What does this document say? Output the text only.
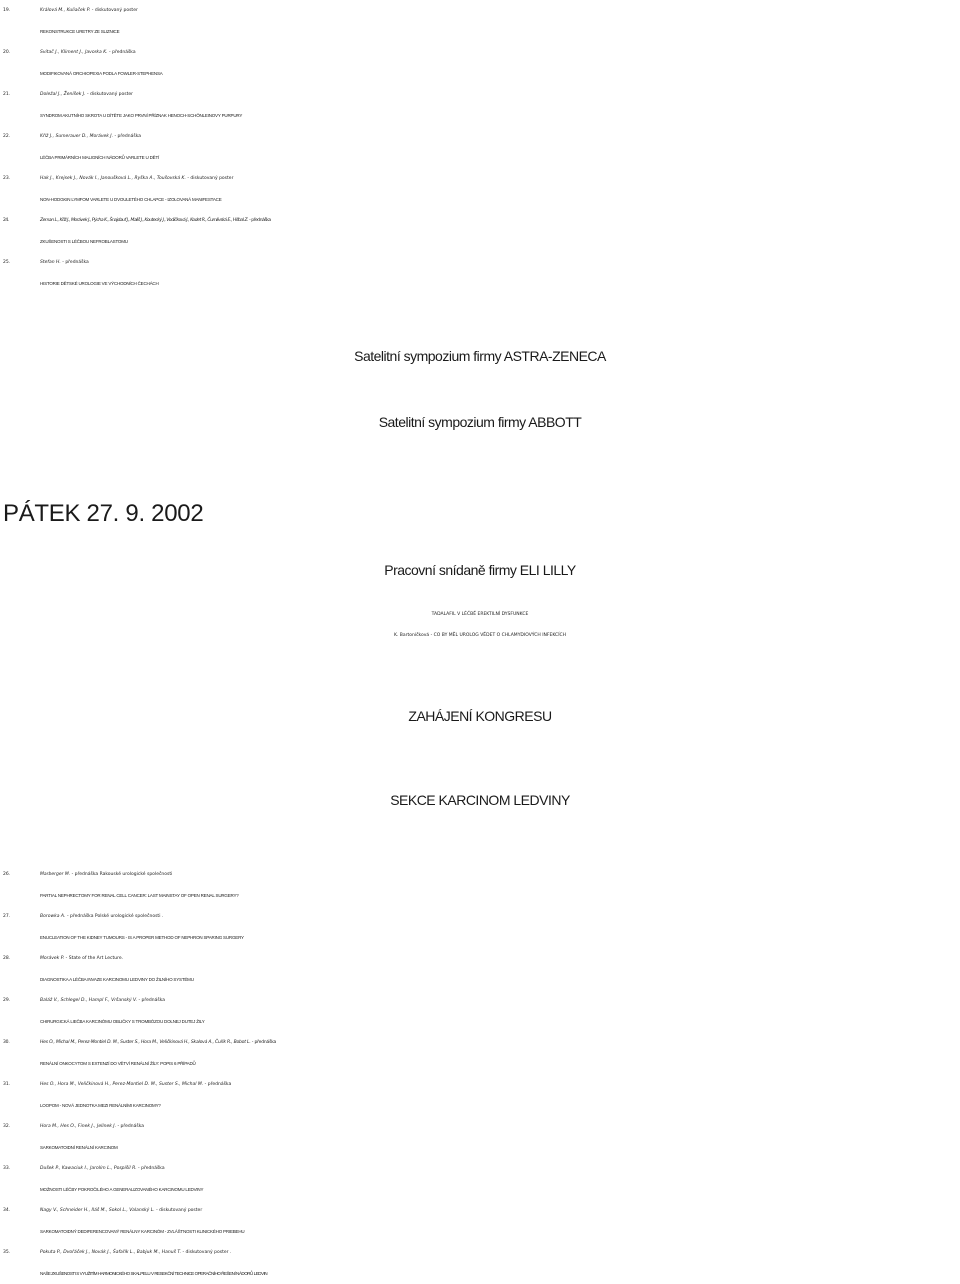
19.	Králová M., Kuliaček P. - diskutovaný poster
REKONSTRUKCE URETRY ZE SLIZNICE
20.	Svitač J., Kliment J., Javorka K. - přednáška
MODIFIKOVANÁ ORCHIOPEXIA PODLA FOWLER-STEPHENSA
21.	Doležal J., Ženíšek J. - diskutovaný poster
SYNDROM AKUTNÍHO SKROTA U DÍTĚTE JAKO PRVNÍ PŘÍZNAK HENOCH-SCHÖNLEINOVY PURPURY
22.	Kříž J., Sumerauer D., Morávek J. - přednáška
LÉČBA PRIMÁRNÍCH MALIGNÍCH NÁDORŮ VARLETE U DĚTÍ
23.	Hak J., Krejsek J., Novák I., Janoušková L., Ryška A., Toušovská K. - diskutovaný poster
NON-HODGKIN LYMFOM VARLETE U DVOULETÉHO CHLAPCE - IZOLOVANÁ MANIFESTACE
24.	Zeman L., Kříž J., Morávek J., Pýcha K., Šnajdauf J., Mališ J., Koutecký J., Vodičková J., Kodet R., Čumlivská E., Hříbal Z. - přednáška
ZKUŠENOSTI S LÉČBOU NEFROBLASTOMU
25.	Stefan H. - přednáška
HISTORIE DĚTSKÉ UROLOGIE VE VÝCHODNÍCH ČECHÁCH
Satelitní sympozium firmy ASTRA-ZENECA
Satelitní sympozium firmy ABBOTT
PÁTEK 27. 9. 2002
Pracovní snídaně firmy ELI LILLY
TADALAFIL V LÉČBĚ EREKTILNÍ DYSFUNKCE
K. Bartoníčková - CO BY MĚL UROLOG VĚDET O CHLAMYDIOVÝCH INFEKCÍCH
ZAHÁJENÍ KONGRESU
SEKCE KARCINOM LEDVINY
26.	Marberger M. - přednáška Rakouské urologické společnosti
PARTIAL NEPHRECTOMY FOR RENAL CELL CANCER: LAST MAINSTAY OF OPEN RENAL SURGERY?
27.	Borowka A. - přednáška Polské urologické společnosti .
ENUCLEATION OF THE KIDNEY TUMOURS - IS A PROPER METHOD OF NEPHRON SPARING SURGERY
28.	Morávek P. - State of the Art Lecture.
DIAGNOSTIKA A LÉČBA INVAZE KARCINOMU LEDVINY DO ŽILNÍHO SYSTÉMU
29.	Baláž V., Schlegel D., Hampl F., Vršanský V. - přednáška
CHIRURGICKÁ LIEČBA KARCINÓMU OBLIČKY S TROMBÓZOU DOLNEJ DUTEJ ŽILY
30.	Hes O., Michal M., Perez-Montiel D. M., Suster S., Hora M., Veličkinová H., Skalová A., Čuřík R., Bobot L. - přednáška
RENÁLNÍ ONKOCYTOM S EXTENZÍ DO VĚTVÍ RENÁLNÍ ŽÍLY: POPIS 6 PŘÍPADŮ
31.	Hes O., Hora M., Veličkinová H., Perez-Montiel D. M., Suster S., Michal M. - přednáška
LOOPOM - NOVÁ JEDNOTKA MEZI RENÁLNÍMI KARCINOMY?
32.	Hora M., Hes O., Finek J., Jelínek J. - přednáška
SARKOMATOIDNÍ RENÁLNÍ KARCINOM
33.	Dušek P., Kawaciuk I., Jarolím L., Pospíšil R. - přednáška
MOŽNOSTI LÉČBY POKROČILÉHO A GENERALIZOVANÉHO KARCINOMU LEDVINY
34.	Nagy V., Schneider H., Iláš M., Sokol L., Valanský L. - diskutovaný poster
SARKOMATOIDNÝ DEDIFERENCOVANÝ RENÁLNY KARCINÓM - ZVLÁŠTNOSTI KLINICKÉHO PRIEBEHU
35.	Pokuta P., Dvořáček J., Novák J., Šafařík L., Babjuk M., Hanuš T. - diskutovaný poster .
NAŠE ZKUŠENOSTI S VYUŽITÍM HARMONICKÉHO SKALPELU V RESEKČNÍ TECHNICE OPERAČNÍHO ŘEŠENÍ NÁDORŮ LEDVIN
